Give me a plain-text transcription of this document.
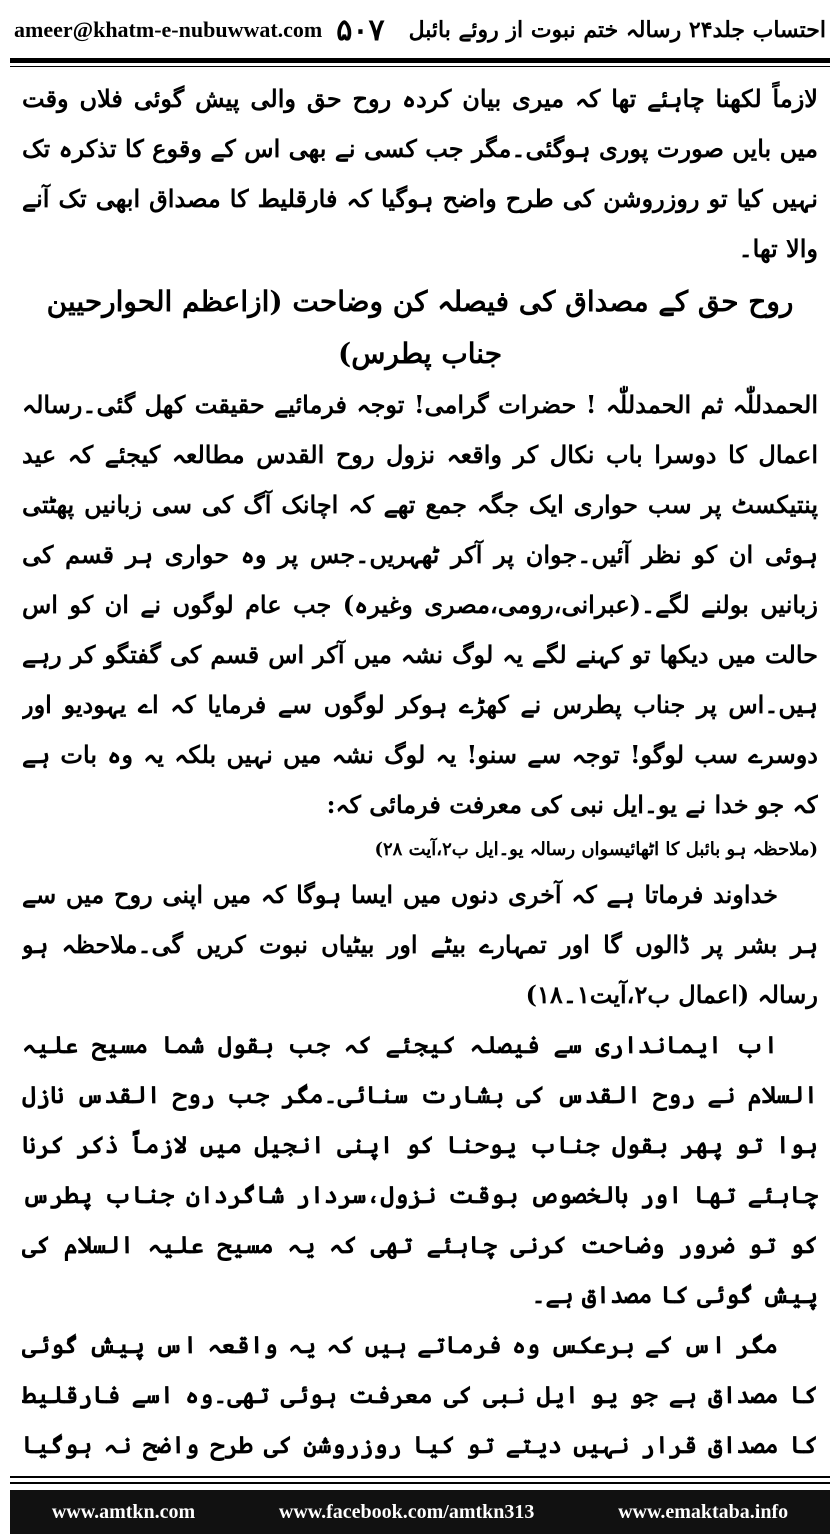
ameer@khatm-e-nubuwwat.com ۵۰۷ احتساب جلد۲۴ رسالہ ختم نبوت از روئے بائبل

لازماً لکھنا چاہئے تھا کہ میری بیان کردہ روح حق والی پیش گوئی فلاں وقت میں بایں صورت پوری ہوگئی۔مگر جب کسی نے بھی اس کے وقوع کا تذکرہ تک نہیں کیا تو روزروشن کی طرح واضح ہوگیا کہ فارقلیط کا مصداق ابھی تک آنے والا تھا۔

روح حق کے مصداق کی فیصلہ کن وضاحت (ازاعظم الحوارحیین جناب پطرس)

الحمدللّٰہ ثم الحمدللّٰہ ! حضرات گرامی! توجہ فرمائیے حقیقت کھل گئی۔رسالہ اعمال کا دوسرا باب نکال کر واقعہ نزول روح القدس مطالعہ کیجئے کہ عید پنتیکسٹ پر سب حواری ایک جگہ جمع تھے کہ اچانک آگ کی سی زبانیں پھٹتی ہوئی ان کو نظر آئیں۔جوان پر آکر ٹھہریں۔جس پر وہ حواری ہر قسم کی زبانیں بولنے لگے۔(عبرانی،رومی،مصری وغیرہ) جب عام لوگوں نے ان کو اس حالت میں دیکھا تو کہنے لگے یہ لوگ نشہ میں آکر اس قسم کی گفتگو کر رہے ہیں۔اس پر جناب پطرس نے کھڑے ہوکر لوگوں سے فرمایا کہ اے یہودیو اور دوسرے سب لوگو! توجہ سے سنو! یہ لوگ نشہ میں نہیں بلکہ یہ وہ بات ہے کہ جو خدا نے یو۔ایل نبی کی معرفت فرمائی کہ:

(ملاحظہ ہو بائبل کا اٹھائیسواں رسالہ یو۔ایل ب۲،آیت ۲۸)

خداوند فرماتا ہے کہ آخری دنوں میں ایسا ہوگا کہ میں اپنی روح میں سے ہر بشر پر ڈالوں گا اور تمہارے بیٹے اور بیٹیاں نبوت کریں گی۔ملاحظہ ہو رسالہ (اعمال ب۲،آیت۱۔۱۸)

اب ایمانداری سے فیصلہ کیجئے کہ جب بقول شما مسیح علیہ السلام نے روح القدس کی بشارت سنائی۔مگر جب روح القدس نازل ہوا تو پھر بقول جناب یوحنا کو اپنی انجیل میں لازماً ذکر کرنا چاہئے تھا اور بالخصوص بوقت نزول،سردار شاگردان جناب پطرس کو تو ضرور وضاحت کرنی چاہئے تھی کہ یہ مسیح علیہ السلام کی پیش گوئی کا مصداق ہے۔

مگر اس کے برعکس وہ فرماتے ہیں کہ یہ واقعہ اس پیش گوئی کا مصداق ہے جو یو ایل نبی کی معرفت ہوئی تھی۔وہ اسے فارقلیط کا مصداق قرار نہیں دیتے تو کیا روزروشن کی طرح واضح نہ ہوگیا

www.amtkn.com	www.facebook.com/amtkn313	www.emaktaba.info
